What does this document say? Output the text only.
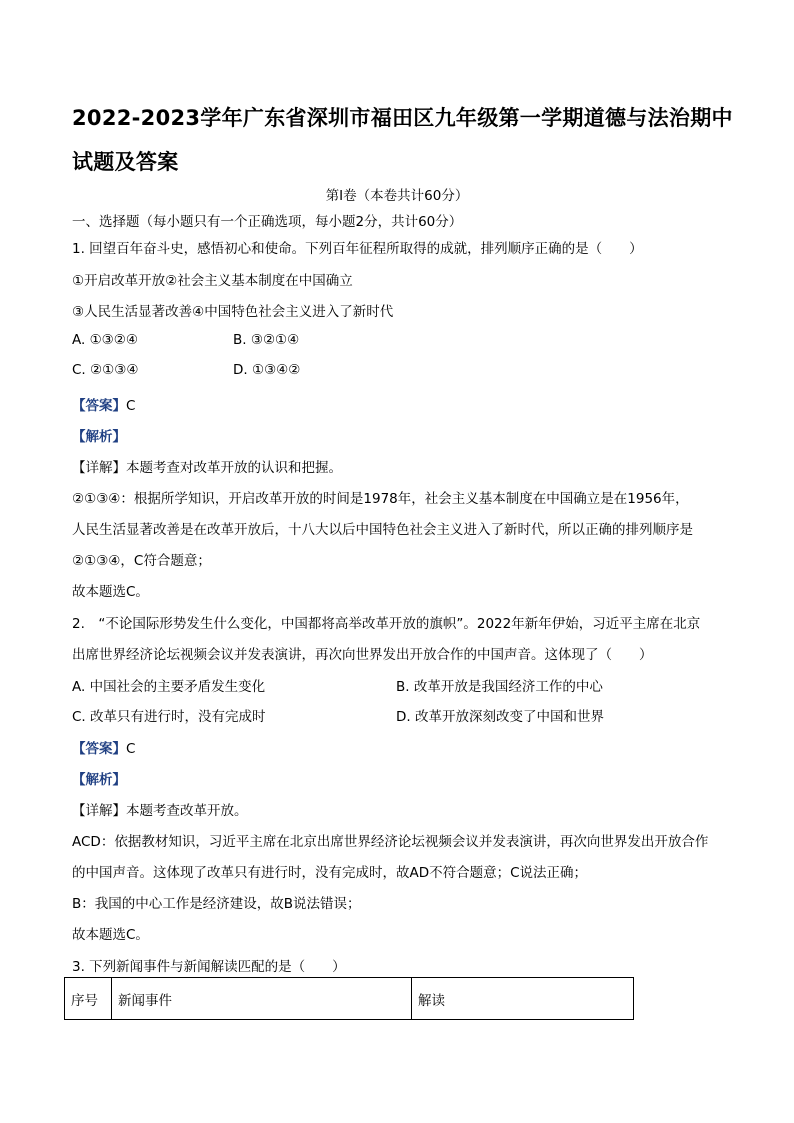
2022-2023学年广东省深圳市福田区九年级第一学期道德与法治期中
试题及答案
第Ⅰ卷（本卷共计60分）
一、选择题（每小题只有一个正确选项，每小题2分，共计60分）
1. 回望百年奋斗史，感悟初心和使命。下列百年征程所取得的成就，排列顺序正确的是（　　）
①开启改革开放②社会主义基本制度在中国确立
③人民生活显著改善④中国特色社会主义进入了新时代
A. ①③②④	B. ③②①④
C. ②①③④	D. ①③④②
【答案】C
【解析】
【详解】本题考查对改革开放的认识和把握。
②①③④：根据所学知识，开启改革开放的时间是1978年，社会主义基本制度在中国确立是在1956年，
人民生活显著改善是在改革开放后，十八大以后中国特色社会主义进入了新时代，所以正确的排列顺序是
②①③④，C符合题意；
故本题选C。
2.　“不论国际形势发生什么变化，中国都将高举改革开放的旗帜”。2022年新年伊始，习近平主席在北京
出席世界经济论坛视频会议并发表演讲，再次向世界发出开放合作的中国声音。这体现了（　　）
A. 中国社会的主要矛盾发生变化	B. 改革开放是我国经济工作的中心
C. 改革只有进行时，没有完成时	D. 改革开放深刻改变了中国和世界
【答案】C
【解析】
【详解】本题考查改革开放。
ACD：依据教材知识，习近平主席在北京出席世界经济论坛视频会议并发表演讲，再次向世界发出开放合作
的中国声音。这体现了改革只有进行时，没有完成时，故AD不符合题意；C说法正确；
B：我国的中心工作是经济建设，故B说法错误；
故本题选C。
3. 下列新闻事件与新闻解读匹配的是（　　）
序号	新闻事件	解读
